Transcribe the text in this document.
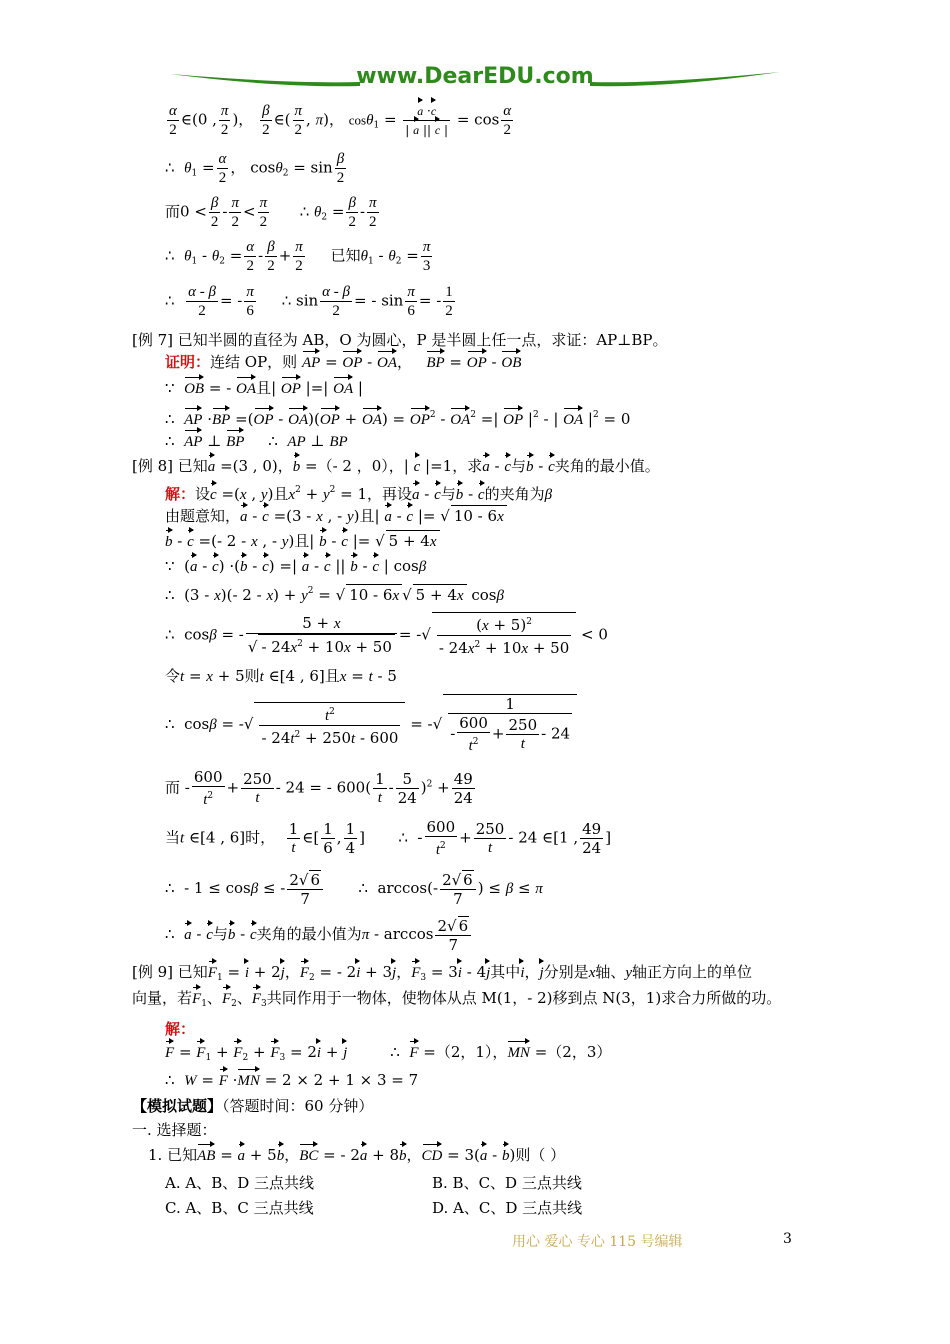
www.DearEDU.com
$\frac{\alpha}{2}$ ∈(0 , $\frac{\pi}{2}$ )， $\frac{\beta}{2}$ ∈( $\frac{\pi}{2}$ , π)， $\cos\theta_1 = \frac{a \cdot c}{| a || c |} = \cos \frac{\alpha}{2}$
∴  $\theta_1 = \frac{\alpha}{2}$ ， $\cos\theta_2 = \sin \frac{\beta}{2}$
而$0 < \frac{\beta}{2} - \frac{\pi}{2} < \frac{\pi}{2}$ ∴ $\theta_2 = \frac{\beta}{2} - \frac{\pi}{2}$
∴  $\theta_1 - \theta_2 = \frac{\alpha}{2} - \frac{\beta}{2} + \frac{\pi}{2}$ 已知$\theta_1 - \theta_2 = \frac{\pi}{3}$
∴ $\frac{\alpha - \beta}{2}$ = - $\frac{\pi}{6}$ ∴ $\sin \frac{\alpha - \beta}{2}$ = - $\sin \frac{\pi}{6}$ = - $\frac{1}{2}$
[例 7] 已知半圆的直径为 AB，O 为圆心，P 是半圆上任一点，求证：AP⊥BP。
证明：连结 OP，则 AP = OP - OA，   BP = OP - OB
∵  OB = - OA且| OP |=| OA |
∴  AP $\cdot BP =(OP - OA)(OP + OA) = OP^2 - OA^2$ =| OP $|^2$ - | OA $|^2 = 0$
∴  AP ⊥ BP     ∴  AP ⊥ BP
[例 8] 已知a =(3 , 0)，b =（- 2 ，0），| c |=1，求a - c与b - c夹角的最小值。
解：设c =(x , y)且$x^2 + y^2 = 1$，再设a - c与b - c的夹角为β
由题意知，a - c =(3 - x , - y)且| a - c |= √ 10 - 6x
b - c =(- 2 - x , - y)且| b - c |= √ 5 + 4x
∵  (a - c) ·(b - c) =| a - c || b - c | cosβ
∴  (3 - x)(- $2 - x) + y^2$ = √ 10 - 6x √ 5 + 4x cosβ
∴  cosβ = - $\frac{5 + x}{√ - 24x^2 + 10x + 50}$ = -√ $\frac{(x + 5)^2}{- 24x^2 + 10x + 50} < 0$
令t = x + 5则t ∈[4 , 6]且x = t - 5
∴  cosβ = -√ $\frac{t^2}{- 24t^2 + 250t - 600}$ = -√ $\frac{1}{- \frac{600}{t^2} + \frac{250}{t} - 24}$
而 - $\frac{600}{t^2} + \frac{250}{t} - 24$ = - $600( \frac{1}{t} - \frac{5}{24} )^2 + \frac{49}{24}$
当t ∈[4 , 6]时， $\frac{1}{t}$ ∈[ $\frac{1}{6}$ , $\frac{1}{4}$ ]       ∴  - $\frac{600}{t^2} + \frac{250}{t} - 24$ ∈[1 , $\frac{49}{24}$ ]
∴  - 1 ≤ cosβ ≤ - $\frac{2√ 6}{7}$ ∴  $\arccos(- \frac{2√ 6}{7}$ ) ≤ β ≤ π
∴  a - c与b - c夹角的最小值为π - $\arccos \frac{2√ 6}{7}$
[例 9] 已知$F_1 = i + 2j$，$F_2$ = - 2i + 3j，$F_3 = 3i - 4j$其中i，j分别是x轴、y轴正方向上的单位
向量，若$F_1$、$F_2$、$F_3$共同作用于一物体，使物体从点 M(1，- 2)移到点 N(3，1)求合力所做的功。
解：
$F = F_1 + F_2 + F_3 = 2i + j$         ∴  F =（2，1），MN =（2，3）
∴  W = F ·MN = 2 × 2 + 1 × 3 = 7
【模拟试题】（答题时间：60 分钟）
一. 选择题：
1. 已知AB = a + 5b，BC = - 2a + 8b，CD = 3(a - b)则（ ）
A. A、B、D 三点共线	B. B、C、D 三点共线
C. A、B、C 三点共线	D. A、C、D 三点共线
用心 爱心 专心 115 号编辑	3
